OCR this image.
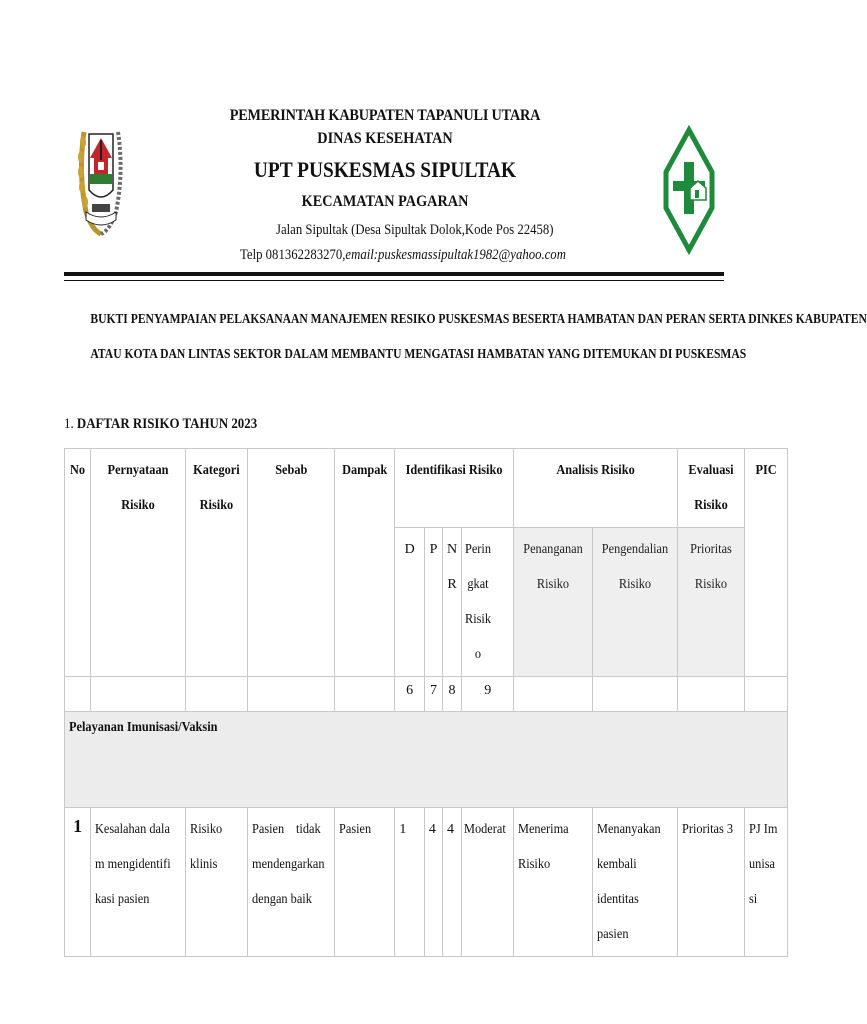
PEMERINTAH KABUPATEN TAPANULI UTARA
DINAS KESEHATAN
UPT PUSKESMAS SIPULTAK
KECAMATAN PAGARAN
Jalan Sipultak (Desa Sipultak Dolok,Kode Pos 22458)
Telp 081362283270,email:puskesmassipultak1982@yahoo.com
BUKTI PENYAMPAIAN PELAKSANAAN MANAJEMEN RESIKO PUSKESMAS BESERTA HAMBATAN DAN PERAN SERTA DINKES KABUPATEN
ATAU KOTA DAN LINTAS SEKTOR DALAM MEMBANTU MENGATASI HAMBATAN YANG DITEMUKAN DI PUSKESMAS
1. DAFTAR RISIKO TAHUN 2023
No	Pernyataan Risiko	Kategori Risiko	Sebab	Dampak	Identifikasi Risiko				Analisis Risiko		Evaluasi Risiko	PIC
					D	P	N R	Peringkat Risiko	Penanganan Risiko	Pengendalian Risiko	Prioritas Risiko	

					6	7	8	9				
Pelayanan Imunisasi/Vaksin												
1	Kesalahan dalam mengidentifikasi pasien	Risiko klinis	Pasien tidak mendengarkan dengan baik	Pasien	1	4	4	Moderat	Menerima Risiko	Menanyakan kembali identitas pasien	Prioritas 3	PJ Imunisasi
